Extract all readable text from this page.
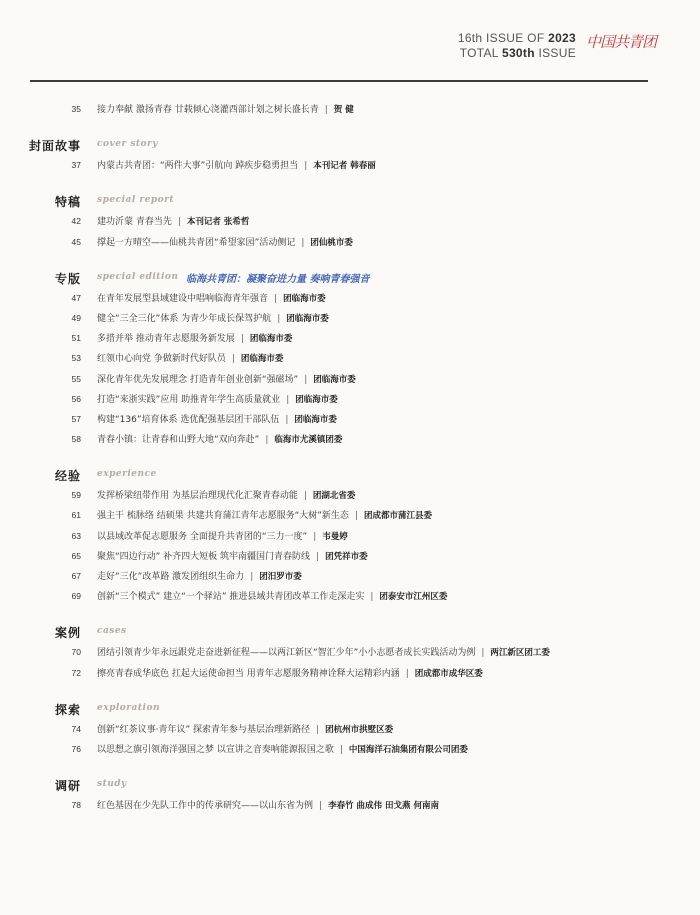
16th ISSUE OF 2023
TOTAL 530th ISSUE
中国共青团
35 接力奉献 激扬青春 廿载倾心浇灌西部计划之树长盛长青 | 贺 健
封面故事 cover story
37 内蒙古共青团：“两件大事”引航向 踔疾步稳勇担当 | 本刊记者 韩春丽
特稿 special report
42 建功沂蒙 青春当先 | 本刊记者 张希哲
45 撑起一方晴空——仙桃共青团“希望家园”活动侧记 | 团仙桃市委
专版 special edition 临海共青团：凝聚奋进力量 奏响青春强音
47 在青年发展型县域建设中唱响临海青年强音 | 团临海市委
49 健全“三全三化”体系 为青少年成长保驾护航 | 团临海市委
51 多措并举 推动青年志愿服务新发展 | 团临海市委
53 红领巾心向党 争做新时代好队员 | 团临海市委
55 深化青年优先发展理念 打造青年创业创新“强磁场” | 团临海市委
56 打造“来浙实践”应用 助推青年学生高质量就业 | 团临海市委
57 构建“136”培育体系 选优配强基层团干部队伍 | 团临海市委
58 青春小镇：让青春和山野大地“双向奔赴” | 临海市尤溪镇团委
经验 experience
59 发挥桥梁纽带作用 为基层治理现代化汇聚青春动能 | 团湖北省委
61 强主干 梳脉络 结硕果 共建共育蒲江青年志愿服务“大树”新生态 | 团成都市蒲江县委
63 以县域改革促志愿服务 全面提升共青团的“三力一度” | 韦曼婷
65 聚焦“四边行动” 补齐四大短板 筑牢南疆国门青春防线 | 团凭祥市委
67 走好“三化”改革路 激发团组织生命力 | 团汨罗市委
69 创新“三个模式” 建立“一个驿站” 推进县域共青团改革工作走深走实 | 团泰安市江州区委
案例 cases
70 团结引领青少年永远跟党走奋进新征程——以两江新区“智汇少年”小小志愿者成长实践活动为例 | 两江新区团工委
72 擦亮青春成华底色 扛起大运使命担当 用青年志愿服务精神诠释大运精彩内涵 | 团成都市成华区委
探索 exploration
74 创新“红茶议事·青年议” 探索青年参与基层治理新路径 | 团杭州市拱墅区委
76 以思想之旗引领海洋强国之梦 以宣讲之音奏响能源报国之歌 | 中国海洋石油集团有限公司团委
调研 study
78 红色基因在少先队工作中的传承研究——以山东省为例 | 李春竹 曲成伟 田戈燕 何南南
